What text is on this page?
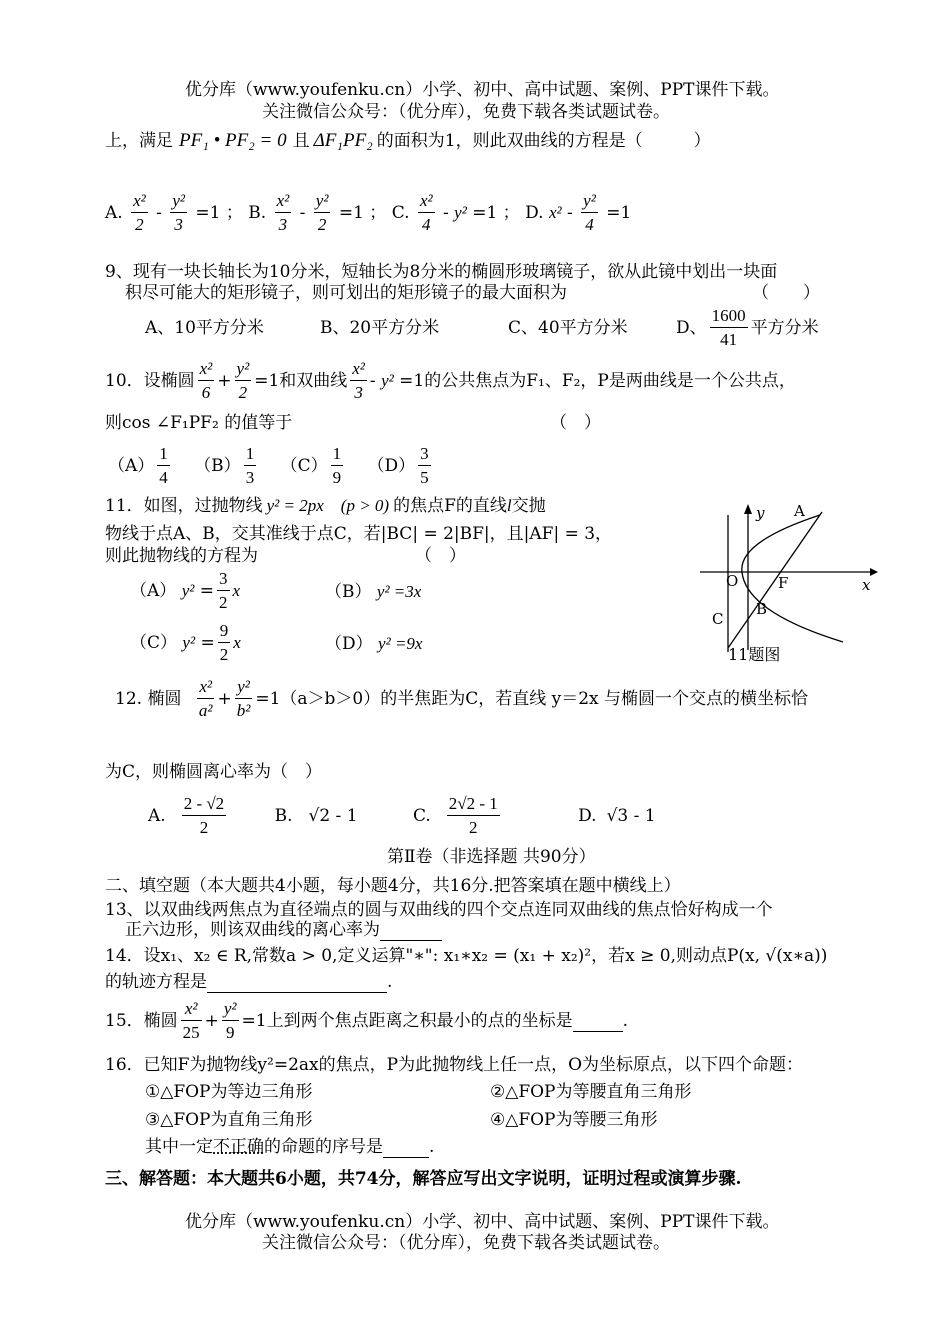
优分库（www.youfenku.cn）小学、初中、高中试题、案例、PPT课件下载。
关注微信公众号：（优分库），免费下载各类试题试卷。
上，满足 PF₁ • PF₂ = 0 且 ΔF₁PF₂ 的面积为1，则此双曲线的方程是（　　　）
A. $\frac{\text{x²}}{2} - \frac{\text{y²}}{3} =1$ ； B. $\frac{\text{x²}}{3} - \frac{\text{y²}}{2} =1$ ； C. $\frac{\text{x²}}{4} - y^2 =1$ ； D. $x^2 - \frac{\text{y²}}{4} =1$
9、现有一块长轴长为10分米，短轴长为8分米的椭圆形玻璃镜子，欲从此镜中划出一块面
积尽可能大的矩形镜子，则可划出的矩形镜子的最大面积为	（　　）
A、10平方分米	B、20平方分米	C、40平方分米	D、 $\frac{1600}{41}$ 平方分米
10．设椭圆 $\frac{\text{x²}}{6} + \frac{\text{y²}}{2} =1$和双曲线 $\frac{\text{x²}}{3} - y^2 =1$的公共焦点为F₁、F₂，P是两曲线是一个公共点，
则cos ∠F₁PF₂ 的值等于	（　）
$(A) \frac{1}{4} (B) \frac{1}{3} (C) \frac{1}{9} (D) \frac{3}{5}$
11．如图，过抛物线 y² = 2px　(p > 0) 的焦点F的直线l交抛
物线于点A、B，交其准线于点C，若|BC| = 2|BF|，且|AF| = 3，
则此抛物线的方程为	（　）
（A） $y^2 = \frac{3}{2}$ x	（B） y² =3x
（C） $y^2 = \frac{9}{2}$ x	（D） y² =9x
y A
O	F	x
B
C
11题图
12. 椭圆 $\frac{\text{x²}}{\text{a²}} + \frac{\text{y²}}{\text{b²}} =1(a>b>0)$的半焦距为C，若直线 y＝2x 与椭圆一个交点的横坐标恰
为C，则椭圆离心率为（　）
A. $\frac{2 - √2}{2}$	B. √2 - 1	C. $\frac{2√2 - 1}{2}$	D. √3 - 1
第Ⅱ卷（非选择题 共90分）
二、填空题（本大题共4小题，每小题4分，共16分.把答案填在题中横线上）
13、以双曲线两焦点为直径端点的圆与双曲线的四个交点连同双曲线的焦点恰好构成一个
正六边形，则该双曲线的离心率为
14．设x₁、x₂ ∈ R,常数a > 0,定义运算"∗": x₁∗x₂ = (x₁ + x₂)²，若x ≥ 0,则动点P(x, √(x∗a))
的轨迹方程是	.
15．椭圆 $\frac{\text{x²}}{25} + \frac{\text{y²}}{9} =1$上到两个焦点距离之积最小的点的坐标是	.
16．已知F为抛物线y²=2ax的焦点，P为此抛物线上任一点，O为坐标原点，以下四个命题：
①△FOP为等边三角形	②△FOP为等腰直角三角形
③△FOP为直角三角形	④△FOP为等腰三角形
其中一定不正确的命题的序号是	.
三、解答题：本大题共6小题，共74分，解答应写出文字说明，证明过程或演算步骤.
优分库（www.youfenku.cn）小学、初中、高中试题、案例、PPT课件下载。
关注微信公众号：（优分库），免费下载各类试题试卷。
